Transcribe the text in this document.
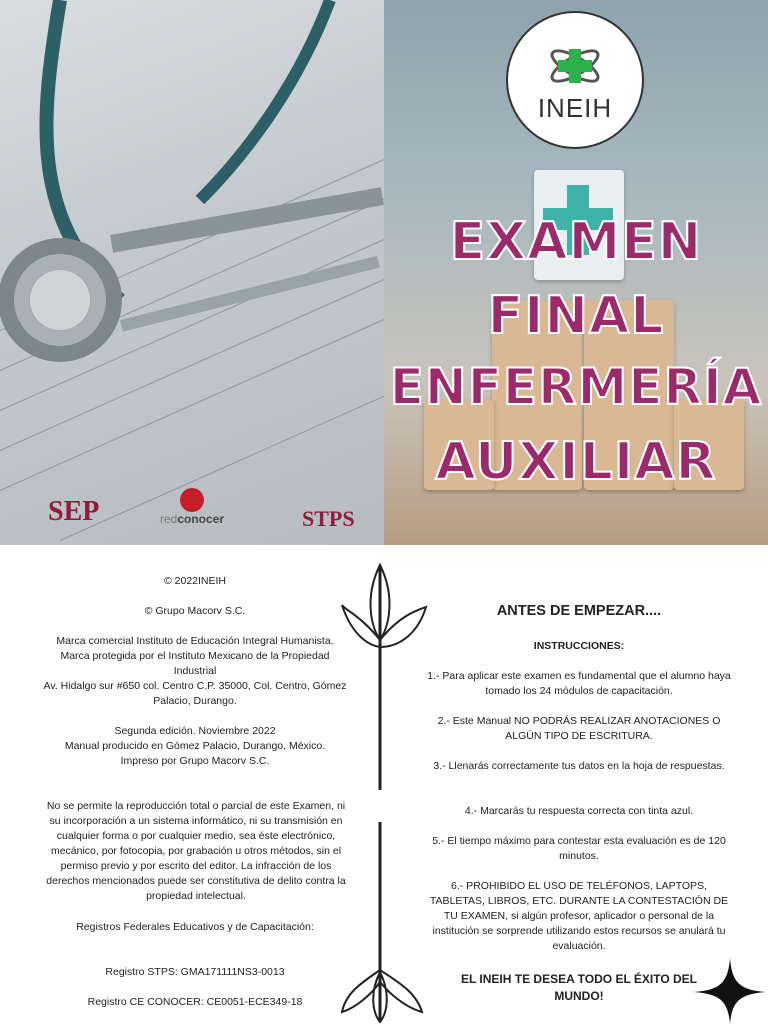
SEP	redconocer	STPS
INEIH
EXAMEN
FINAL
ENFERMERÍA
AUXILIAR
© 2022INEIH
© Grupo Macorv S.C.
Marca comercial Instituto de Educación Integral Humanista.
Marca protegida por el Instituto Mexicano de la Propiedad Industrial
Av. Hidalgo sur #650 col. Centro C.P. 35000, Col. Centro, Gómez Palacio, Durango.
Segunda edición. Noviembre 2022
Manual producido en Gómez Palacio, Durango, México.
Impreso por Grupo Macorv S.C.
No se permite la reproducción total o parcial de este Examen, ni su incorporación a un sistema informático, ni su transmisión en cualquier forma o por cualquier medio, sea éste electrónico, mecánico, por fotocopia, por grabación u otros métodos, sin el permiso previo y por escrito del editor. La infracción de los derechos mencionados puede ser constitutiva de delito contra la propiedad intelectual.
Registros Federales Educativos y de Capacitación:
Registro STPS: GMA171111NS3-0013
Registro CE CONOCER: CE0051-ECE349-18
ANTES DE EMPEZAR....
INSTRUCCIONES:
1.- Para aplicar este examen es fundamental que el alumno haya tomado los 24 módulos de capacitación.
2.- Este Manual NO PODRÁS REALIZAR ANOTACIONES O ALGÚN TIPO DE ESCRITURA.
3.- Llenarás correctamente tus datos en la hoja de respuestas.
4.- Marcarás tu respuesta correcta con tinta azul.
5.- El tiempo máximo para contestar esta evaluación es de 120 minutos.
6.- PROHIBIDO EL USO DE TELÉFONOS, LAPTOPS, TABLETAS, LIBROS, ETC. DURANTE LA CONTESTACIÓN DE TU EXAMEN, si algún profesor, aplicador o personal de la institución se sorprende utilizando estos recursos se anulará tu evaluación.
EL INEIH TE DESEA TODO EL ÉXITO DEL MUNDO!
